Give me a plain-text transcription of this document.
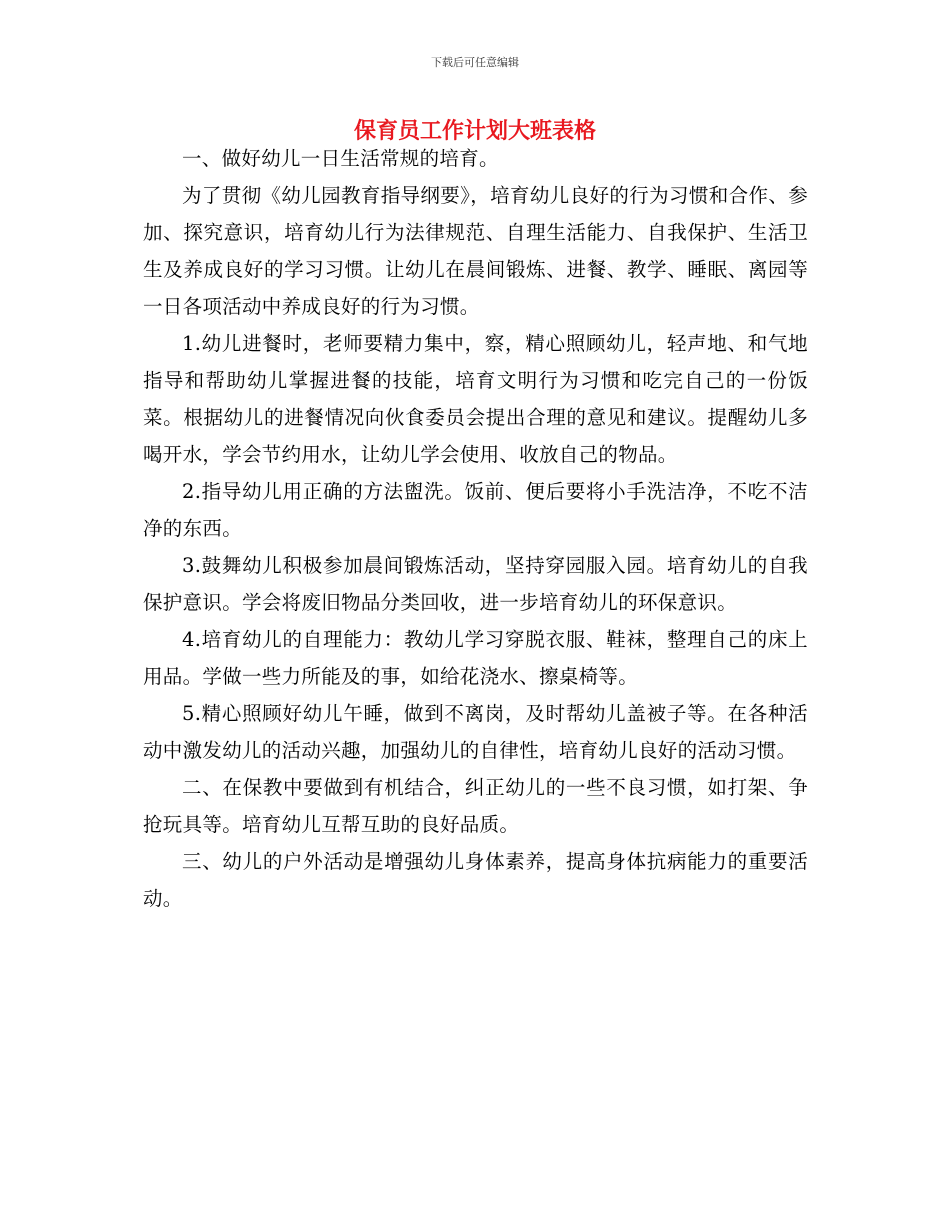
下载后可任意编辑
保育员工作计划大班表格

一、做好幼儿一日生活常规的培育。

为了贯彻《幼儿园教育指导纲要》，培育幼儿良好的行为习惯和合作、参加、探究意识，培育幼儿行为法律规范、自理生活能力、自我保护、生活卫生及养成良好的学习习惯。让幼儿在晨间锻炼、进餐、教学、睡眠、离园等一日各项活动中养成良好的行为习惯。

1.幼儿进餐时，老师要精力集中，察，精心照顾幼儿，轻声地、和气地指导和帮助幼儿掌握进餐的技能，培育文明行为习惯和吃完自己的一份饭菜。根据幼儿的进餐情况向伙食委员会提出合理的意见和建议。提醒幼儿多喝开水，学会节约用水，让幼儿学会使用、收放自己的物品。

2.指导幼儿用正确的方法盥洗。饭前、便后要将小手洗洁净，不吃不洁净的东西。

3.鼓舞幼儿积极参加晨间锻炼活动，坚持穿园服入园。培育幼儿的自我保护意识。学会将废旧物品分类回收，进一步培育幼儿的环保意识。

4.培育幼儿的自理能力：教幼儿学习穿脱衣服、鞋袜，整理自己的床上用品。学做一些力所能及的事，如给花浇水、擦桌椅等。

5.精心照顾好幼儿午睡，做到不离岗，及时帮幼儿盖被子等。在各种活动中激发幼儿的活动兴趣，加强幼儿的自律性，培育幼儿良好的活动习惯。

二、在保教中要做到有机结合，纠正幼儿的一些不良习惯，如打架、争抢玩具等。培育幼儿互帮互助的良好品质。

三、幼儿的户外活动是增强幼儿身体素养，提高身体抗病能力的重要活动。
